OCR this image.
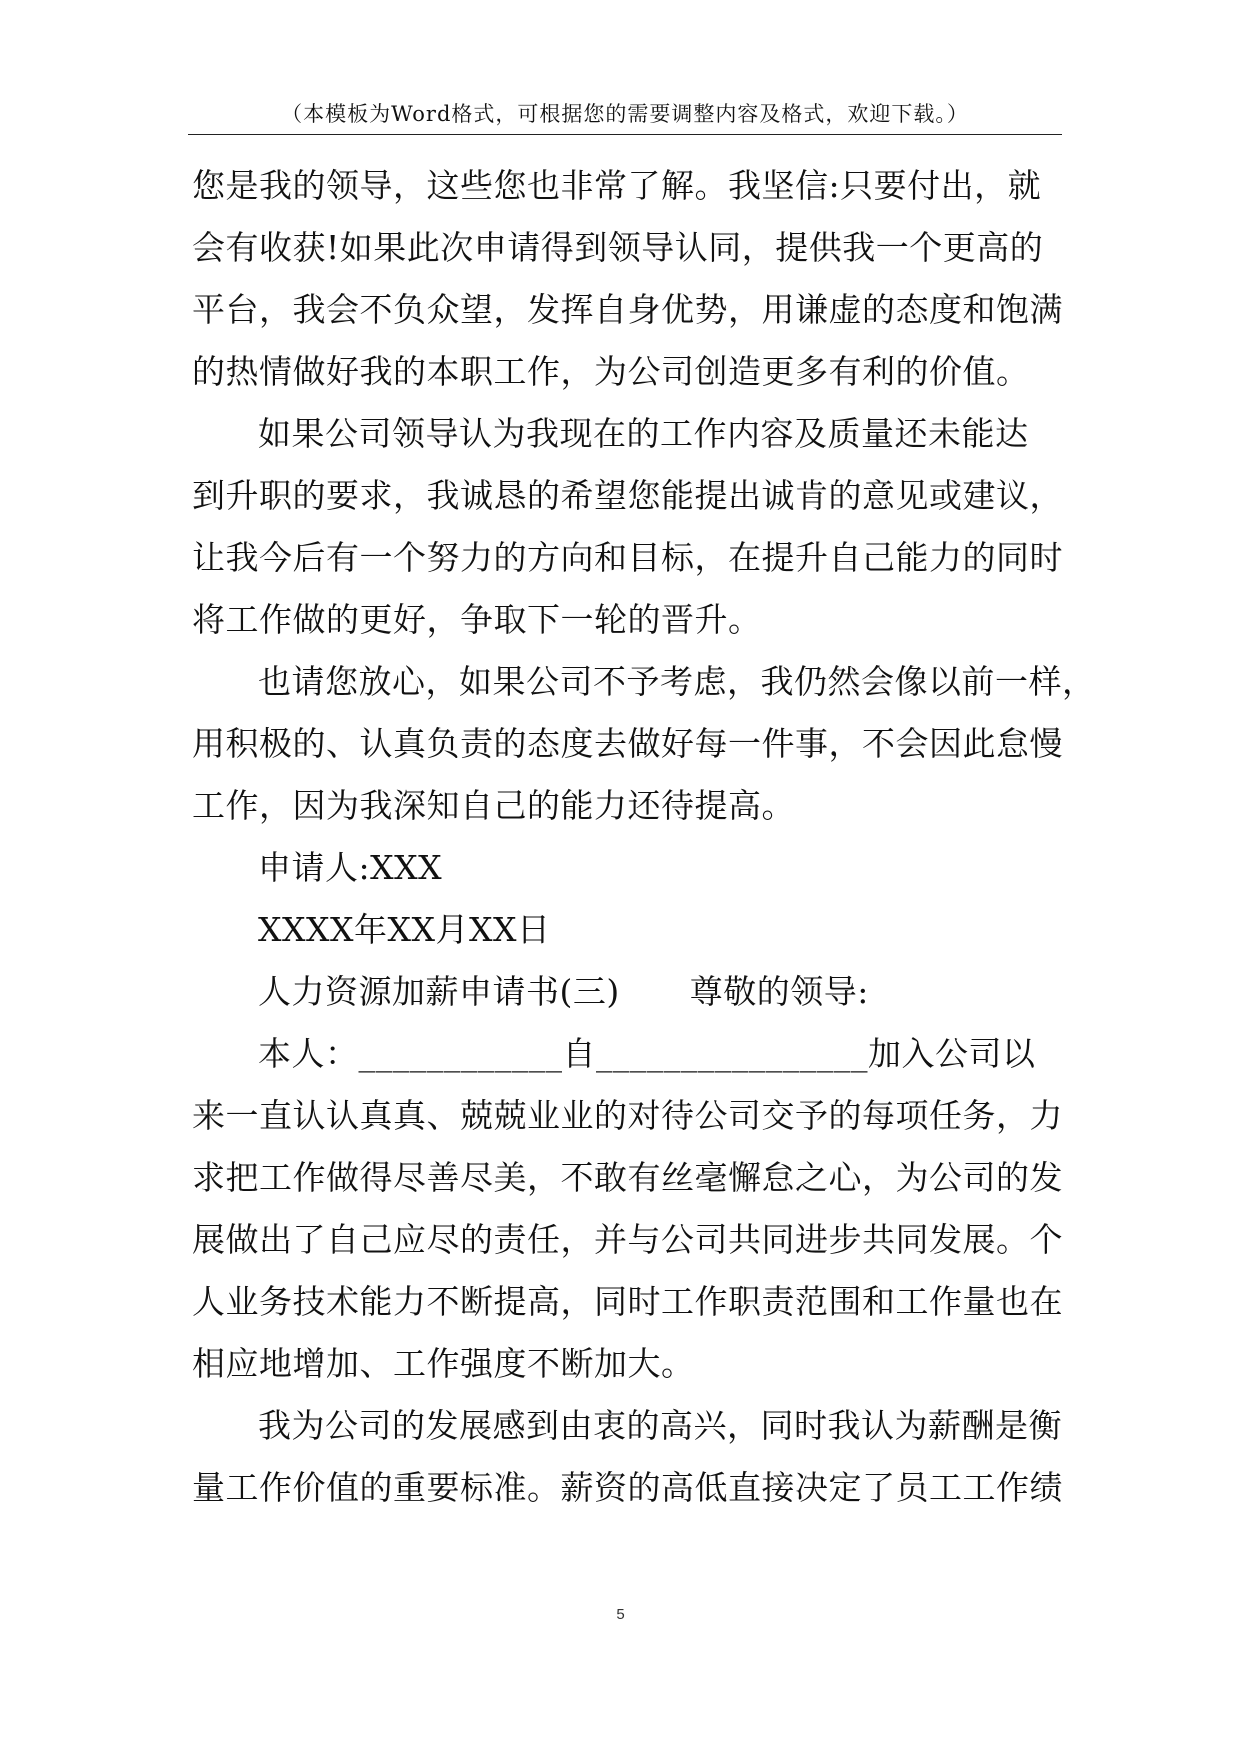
（本模板为Word格式，可根据您的需要调整内容及格式，欢迎下载。）
您是我的领导，这些您也非常了解。我坚信:只要付出，就
会有收获!如果此次申请得到领导认同，提供我一个更高的
平台，我会不负众望，发挥自身优势，用谦虚的态度和饱满
的热情做好我的本职工作，为公司创造更多有利的价值。
如果公司领导认为我现在的工作内容及质量还未能达
到升职的要求，我诚恳的希望您能提出诚肯的意见或建议，
让我今后有一个努力的方向和目标，在提升自己能力的同时
将工作做的更好，争取下一轮的晋升。
也请您放心，如果公司不予考虑，我仍然会像以前一样，
用积极的、认真负责的态度去做好每一件事，不会因此怠慢
工作，因为我深知自己的能力还待提高。
申请人:XXX
XXXX年XX月XX日
人力资源加薪申请书(三) 尊敬的领导:
本人：____________自________________加入公司以
来一直认认真真、兢兢业业的对待公司交予的每项任务，力
求把工作做得尽善尽美，不敢有丝毫懈怠之心，为公司的发
展做出了自己应尽的责任，并与公司共同进步共同发展。个
人业务技术能力不断提高，同时工作职责范围和工作量也在
相应地增加、工作强度不断加大。
我为公司的发展感到由衷的高兴，同时我认为薪酬是衡
量工作价值的重要标准。薪资的高低直接决定了员工工作绩
5
